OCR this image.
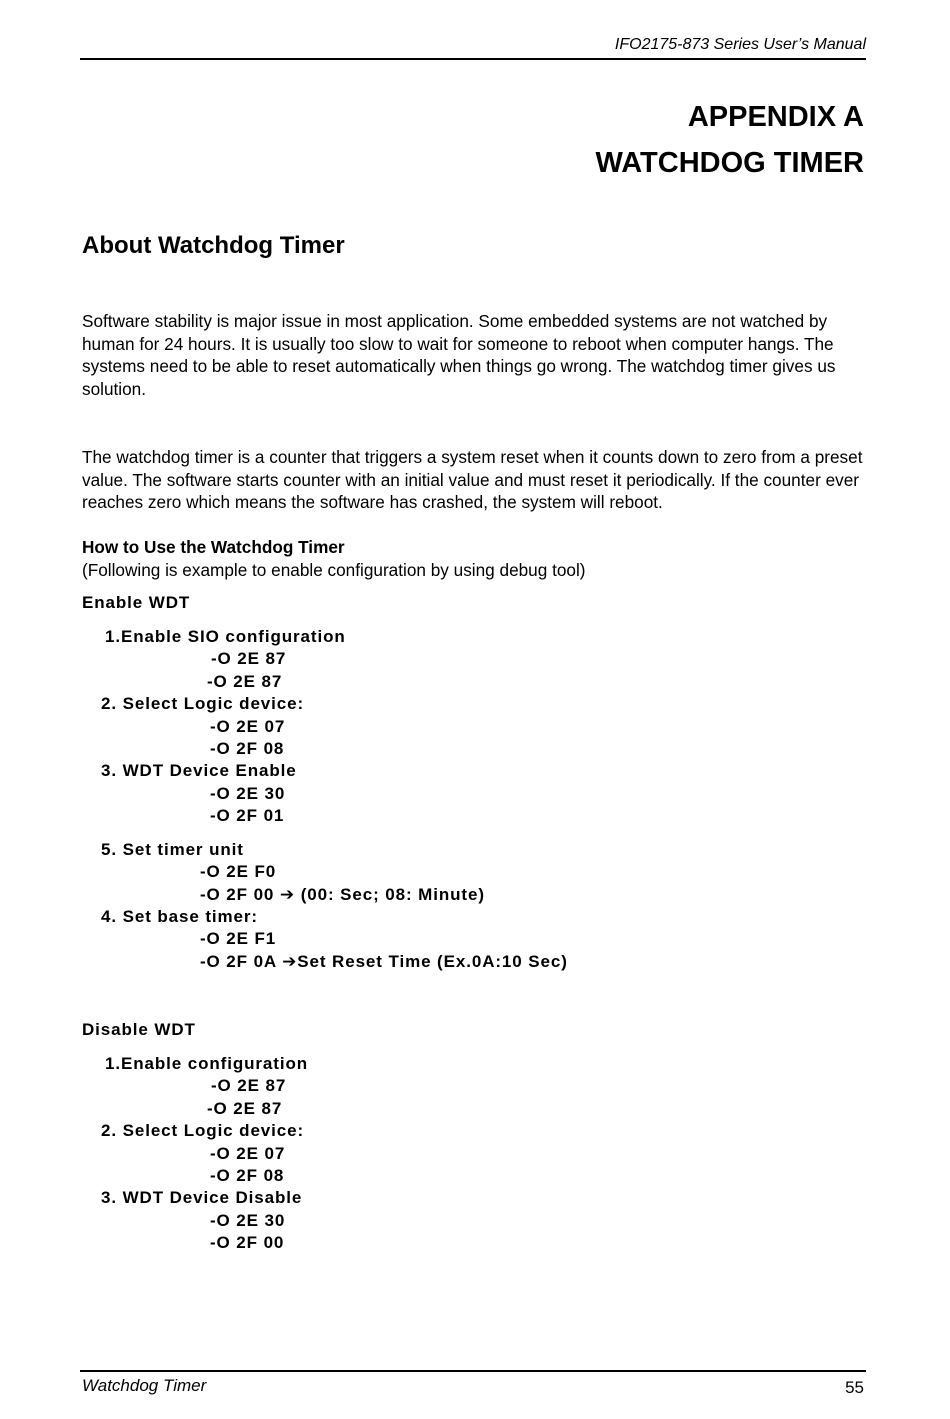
IFO2175-873 Series User’s Manual
APPENDIX A
WATCHDOG TIMER
About Watchdog Timer

Software stability is major issue in most application. Some embedded systems are not watched by human for 24 hours. It is usually too slow to wait for someone to reboot when computer hangs. The systems need to be able to reset automatically when things go wrong. The watchdog timer gives us solution.

The watchdog timer is a counter that triggers a system reset when it counts down to zero from a preset value. The software starts counter with an initial value and must reset it periodically. If the counter ever reaches zero which means the software has crashed, the system will reboot.

How to Use the Watchdog Timer
(Following is example to enable configuration by using debug tool)
Enable WDT
1.Enable SIO configuration
-O 2E 87
-O 2E 87
2. Select Logic device:
-O 2E 07
-O 2F 08
3. WDT Device Enable
-O 2E 30
-O 2F 01
5. Set timer unit
-O 2E F0
-O 2F 00 ➔ (00: Sec; 08: Minute)
4. Set base timer:
-O 2E F1
-O 2F 0A ➔Set Reset Time (Ex.0A:10 Sec)
Disable WDT
1.Enable configuration
-O 2E 87
-O 2E 87
2. Select Logic device:
-O 2E 07
-O 2F 08
3. WDT Device Disable
-O 2E 30
-O 2F 00
Watchdog Timer	55
